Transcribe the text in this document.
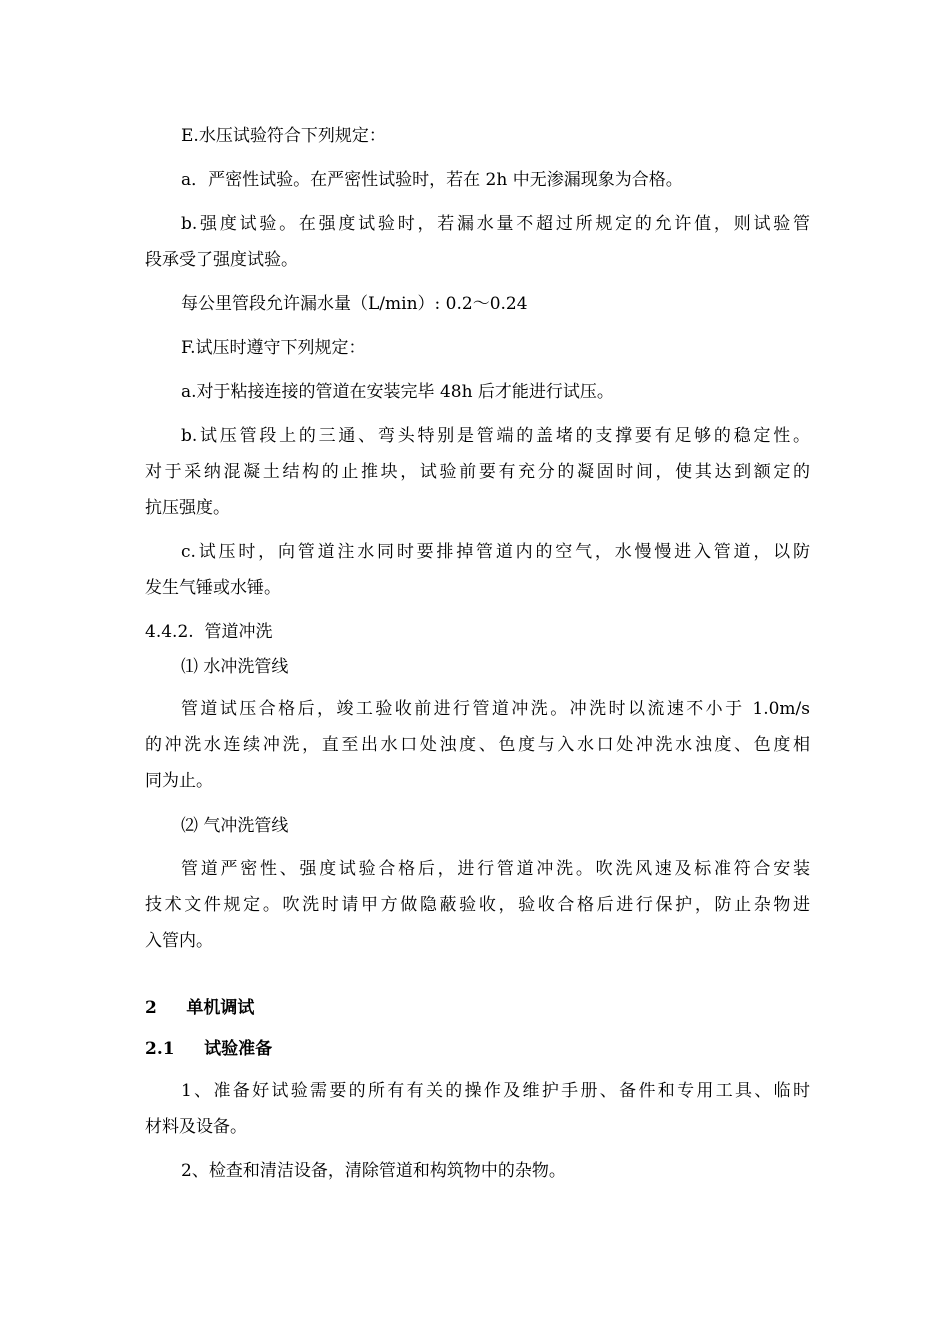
E.水压试验符合下列规定：
a．严密性试验。在严密性试验时，若在 2h 中无渗漏现象为合格。
b.强度试验。在强度试验时，若漏水量不超过所规定的允许值，则试验管
段承受了强度试验。
每公里管段允许漏水量（L/min）: 0.2～0.24
F.试压时遵守下列规定：
a.对于粘接连接的管道在安装完毕 48h 后才能进行试压。
b.试压管段上的三通、弯头特别是管端的盖堵的支撑要有足够的稳定性。
对于采纳混凝土结构的止推块，试验前要有充分的凝固时间，使其达到额定的
抗压强度。
c.试压时，向管道注水同时要排掉管道内的空气，水慢慢进入管道，以防
发生气锤或水锤。
4.4.2.  管道冲洗
⑴ 水冲洗管线
管道试压合格后，竣工验收前进行管道冲洗。冲洗时以流速不小于 1.0m/s
的冲洗水连续冲洗，直至出水口处浊度、色度与入水口处冲洗水浊度、色度相
同为止。
⑵ 气冲洗管线
管道严密性、强度试验合格后，进行管道冲洗。吹洗风速及标准符合安装
技术文件规定。吹洗时请甲方做隐蔽验收，验收合格后进行保护，防止杂物进
入管内。
2     单机调试
2.1     试验准备
1、准备好试验需要的所有有关的操作及维护手册、备件和专用工具、临时
材料及设备。
2、检查和清洁设备，清除管道和构筑物中的杂物。
